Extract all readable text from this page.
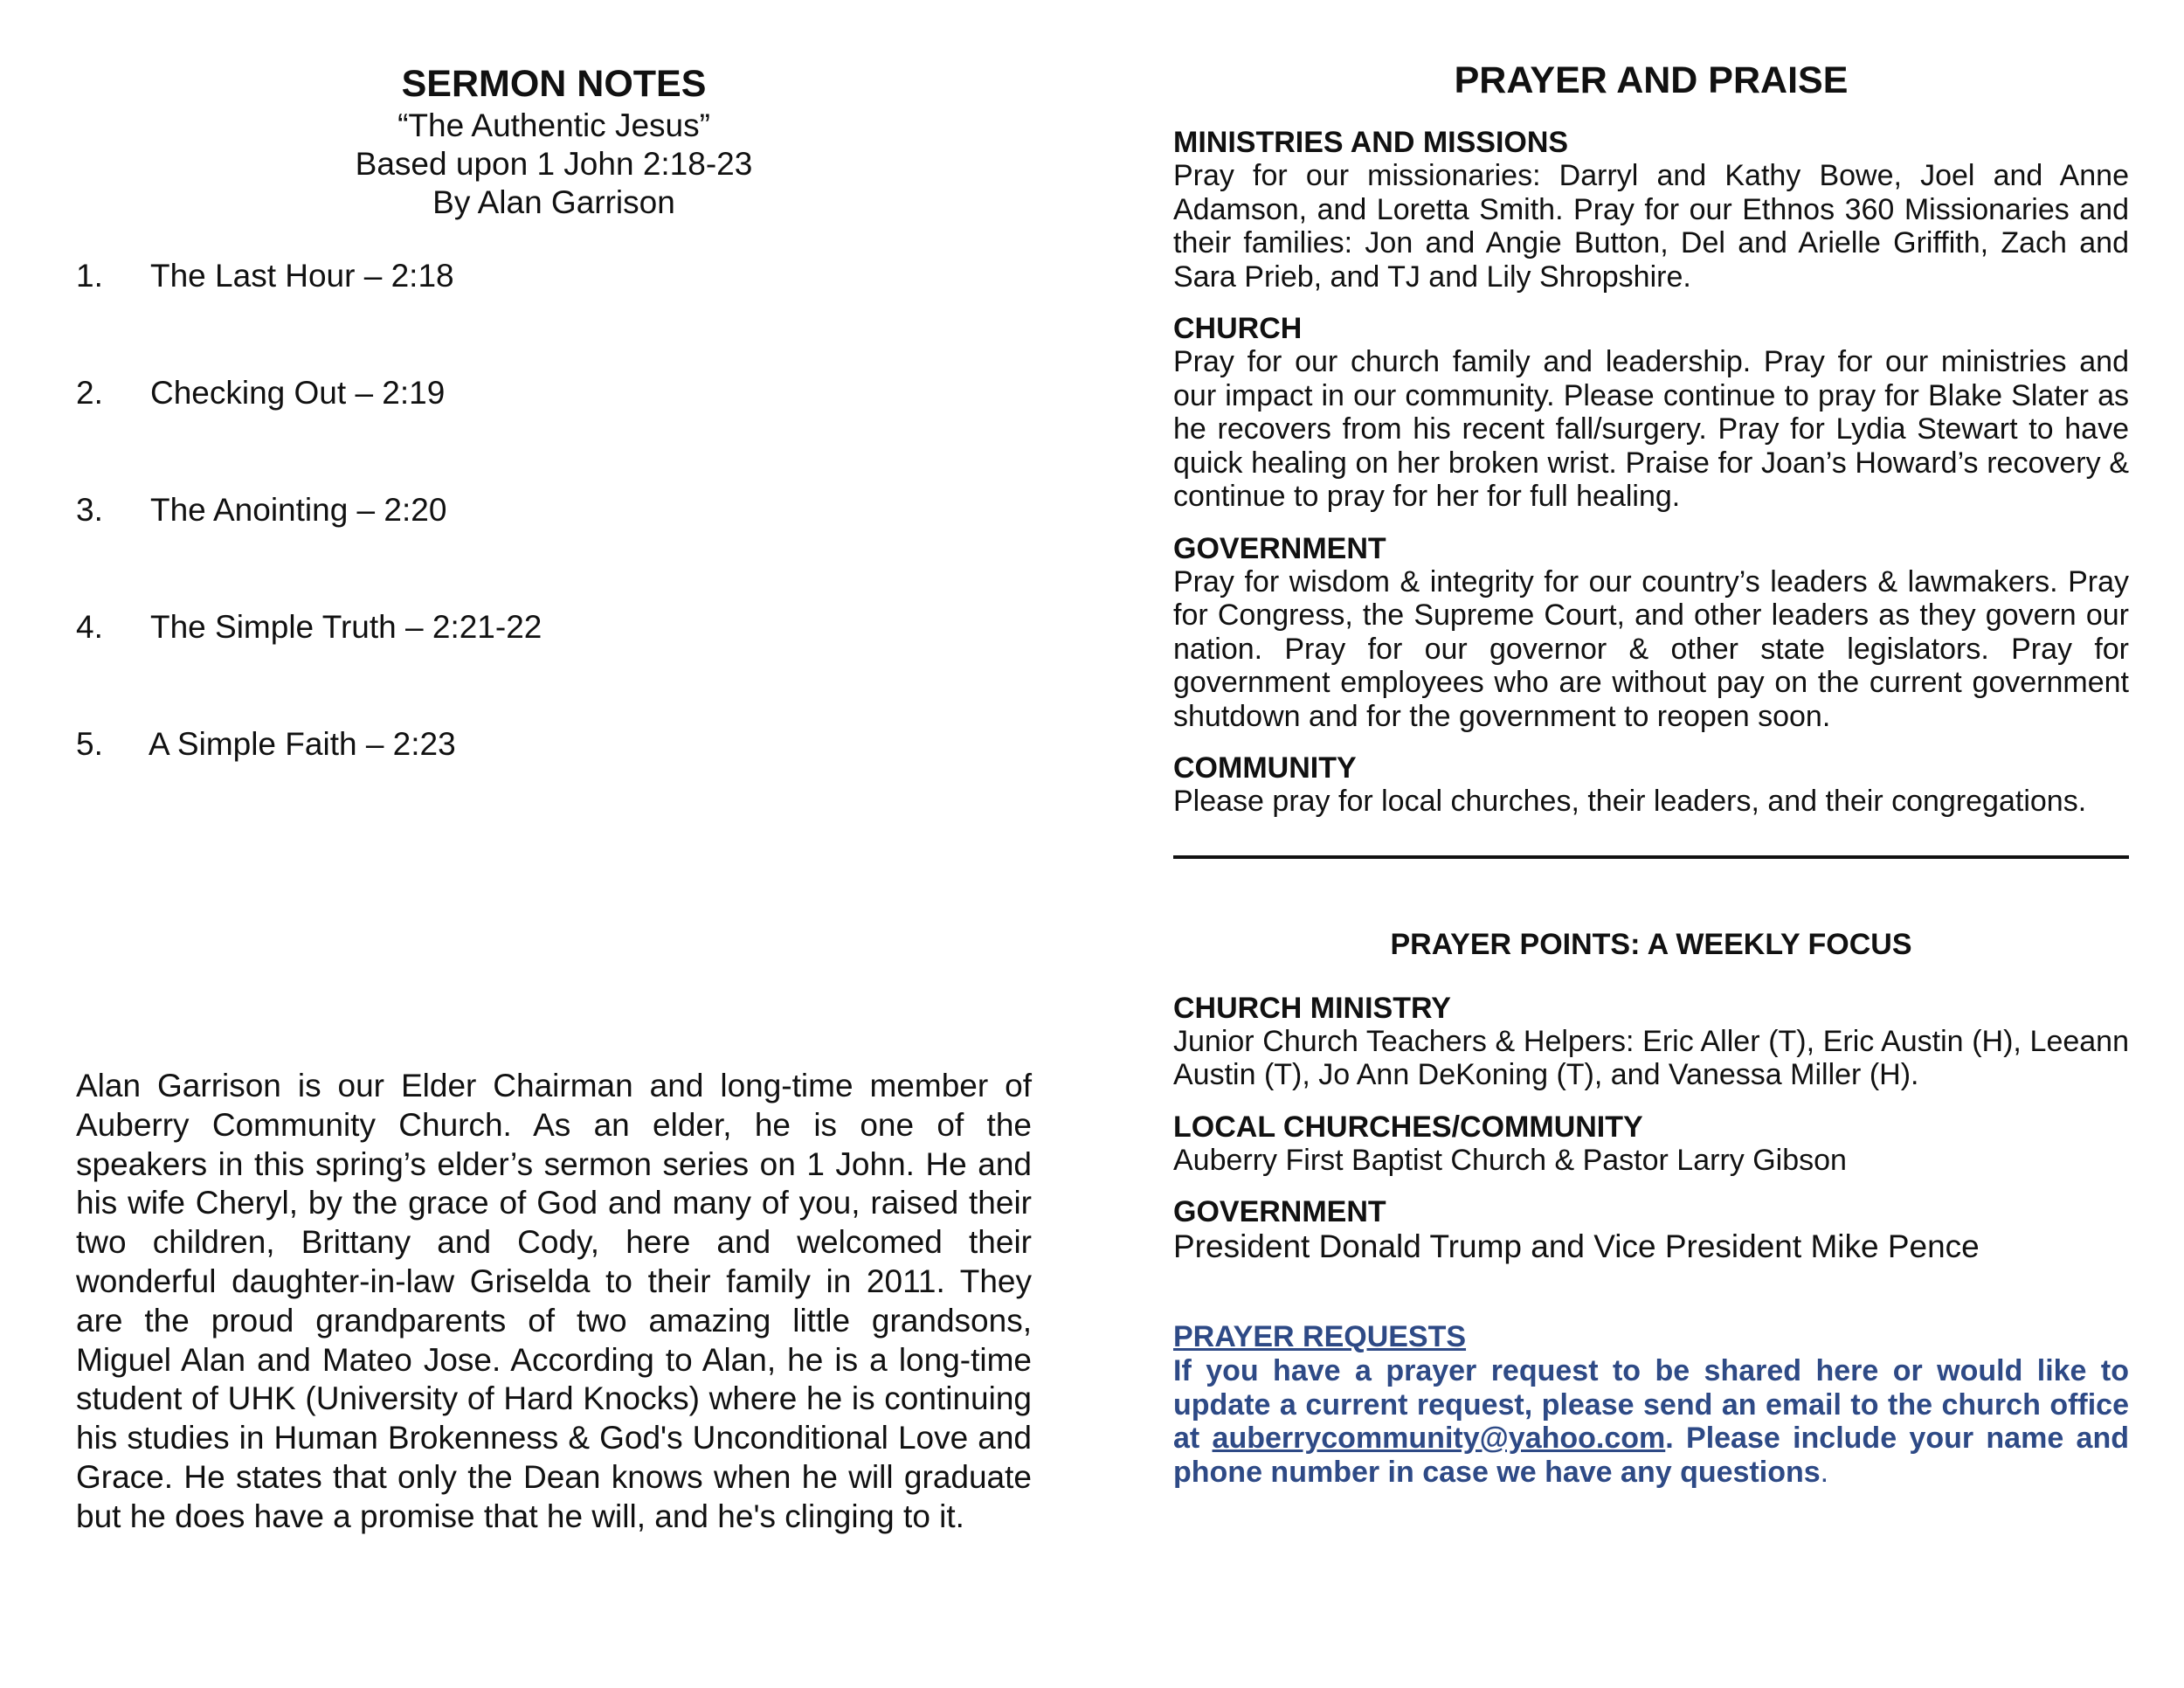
SERMON NOTES

“The Authentic Jesus”

Based upon 1 John 2:18-23

By Alan Garrison

1.	The Last Hour – 2:18
2.	Checking Out – 2:19
3.	The Anointing – 2:20
4.	The Simple Truth – 2:21-22
5.	A Simple Faith – 2:23

Alan Garrison is our Elder Chairman and long-time member of Auberry Community Church. As an elder, he is one of the speakers in this spring’s elder’s sermon series on 1 John. He and his wife Cheryl, by the grace of God and many of you, raised their two children, Brittany and Cody, here and welcomed their wonderful daughter-in-law Griselda to their family in 2011. They are the proud grandparents of two amazing little grandsons, Miguel Alan and Mateo Jose. According to Alan, he is a long-time student of UHK (University of Hard Knocks) where he is continuing his studies in Human Brokenness & God's Unconditional Love and Grace. He states that only the Dean knows when he will graduate but he does have a promise that he will, and he's clinging to it.

PRAYER AND PRAISE

MINISTRIES AND MISSIONS

Pray for our missionaries: Darryl and Kathy Bowe, Joel and Anne Adamson, and Loretta Smith. Pray for our Ethnos 360 Missionaries and their families: Jon and Angie Button, Del and Arielle Griffith, Zach and Sara Prieb, and TJ and Lily Shropshire.

CHURCH

Pray for our church family and leadership. Pray for our ministries and our impact in our community. Please continue to pray for Blake Slater as he recovers from his recent fall/surgery. Pray for Lydia Stewart to have quick healing on her broken wrist. Praise for Joan’s Howard’s recovery & continue to pray for her for full healing.

GOVERNMENT

Pray for wisdom & integrity for our country’s leaders & lawmakers. Pray for Congress, the Supreme Court, and other leaders as they govern our nation. Pray for our governor & other state legislators. Pray for government employees who are without pay on the current government shutdown and for the government to reopen soon.

COMMUNITY

Please pray for local churches, their leaders, and their congregations.

PRAYER POINTS: A WEEKLY FOCUS

CHURCH MINISTRY

Junior Church Teachers & Helpers: Eric Aller (T), Eric Austin (H), Leeann Austin (T), Jo Ann DeKoning (T), and Vanessa Miller (H).

LOCAL CHURCHES/COMMUNITY

Auberry First Baptist Church & Pastor Larry Gibson

GOVERNMENT

President Donald Trump and Vice President Mike Pence

PRAYER REQUESTS

If you have a prayer request to be shared here or would like to update a current request, please send an email to the church office at auberrycommunity@yahoo.com. Please include your name and phone number in case we have any questions.
